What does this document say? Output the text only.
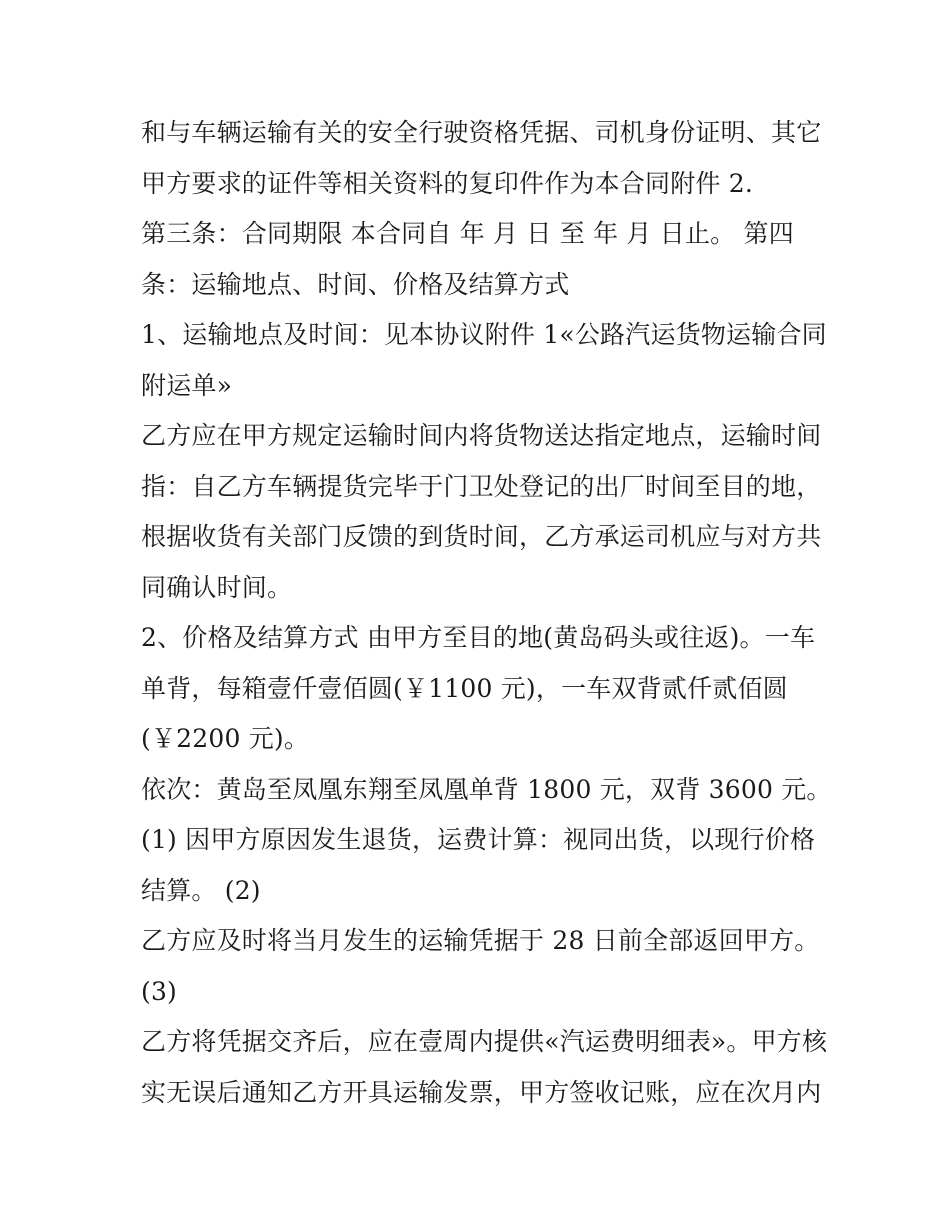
和与车辆运输有关的安全行驶资格凭据、司机身份证明、其它
甲方要求的证件等相关资料的复印件作为本合同附件 2.
第三条：合同期限 本合同自 年 月 日 至 年 月 日止。 第四
条：运输地点、时间、价格及结算方式
1、运输地点及时间：见本协议附件 1«公路汽运货物运输合同
附运单»
乙方应在甲方规定运输时间内将货物送达指定地点，运输时间
指：自乙方车辆提货完毕于门卫处登记的出厂时间至目的地，
根据收货有关部门反馈的到货时间，乙方承运司机应与对方共
同确认时间。
2、价格及结算方式 由甲方至目的地(黄岛码头或往返)。一车
单背，每箱壹仟壹佰圆(￥1100 元)，一车双背贰仟贰佰圆
(￥2200 元)。
依次：黄岛至凤凰东翔至凤凰单背 1800 元，双背 3600 元。
(1) 因甲方原因发生退货，运费计算：视同出货，以现行价格
结算。 (2)
乙方应及时将当月发生的运输凭据于 28 日前全部返回甲方。
(3)
乙方将凭据交齐后，应在壹周内提供«汽运费明细表»。甲方核
实无误后通知乙方开具运输发票，甲方签收记账，应在次月内
